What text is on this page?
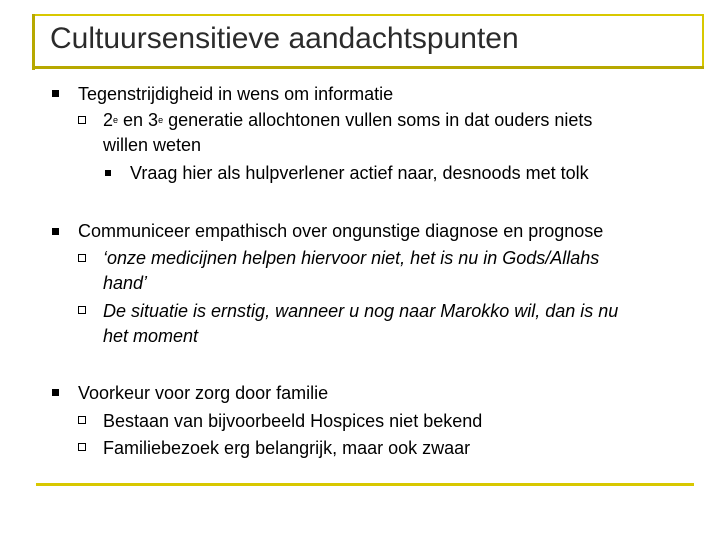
Cultuursensitieve aandachtspunten
Tegenstrijdigheid in wens om informatie
2e en 3e generatie allochtonen vullen soms in dat ouders niets
willen weten
Vraag hier als hulpverlener actief naar, desnoods met tolk
Communiceer empathisch over ongunstige diagnose en prognose
‘onze medicijnen helpen hiervoor niet, het is nu in Gods/Allahs
hand’
De situatie is ernstig, wanneer u nog naar Marokko wil, dan is nu
het moment
Voorkeur voor zorg door familie
Bestaan van bijvoorbeeld Hospices niet bekend
Familiebezoek erg belangrijk, maar ook zwaar
